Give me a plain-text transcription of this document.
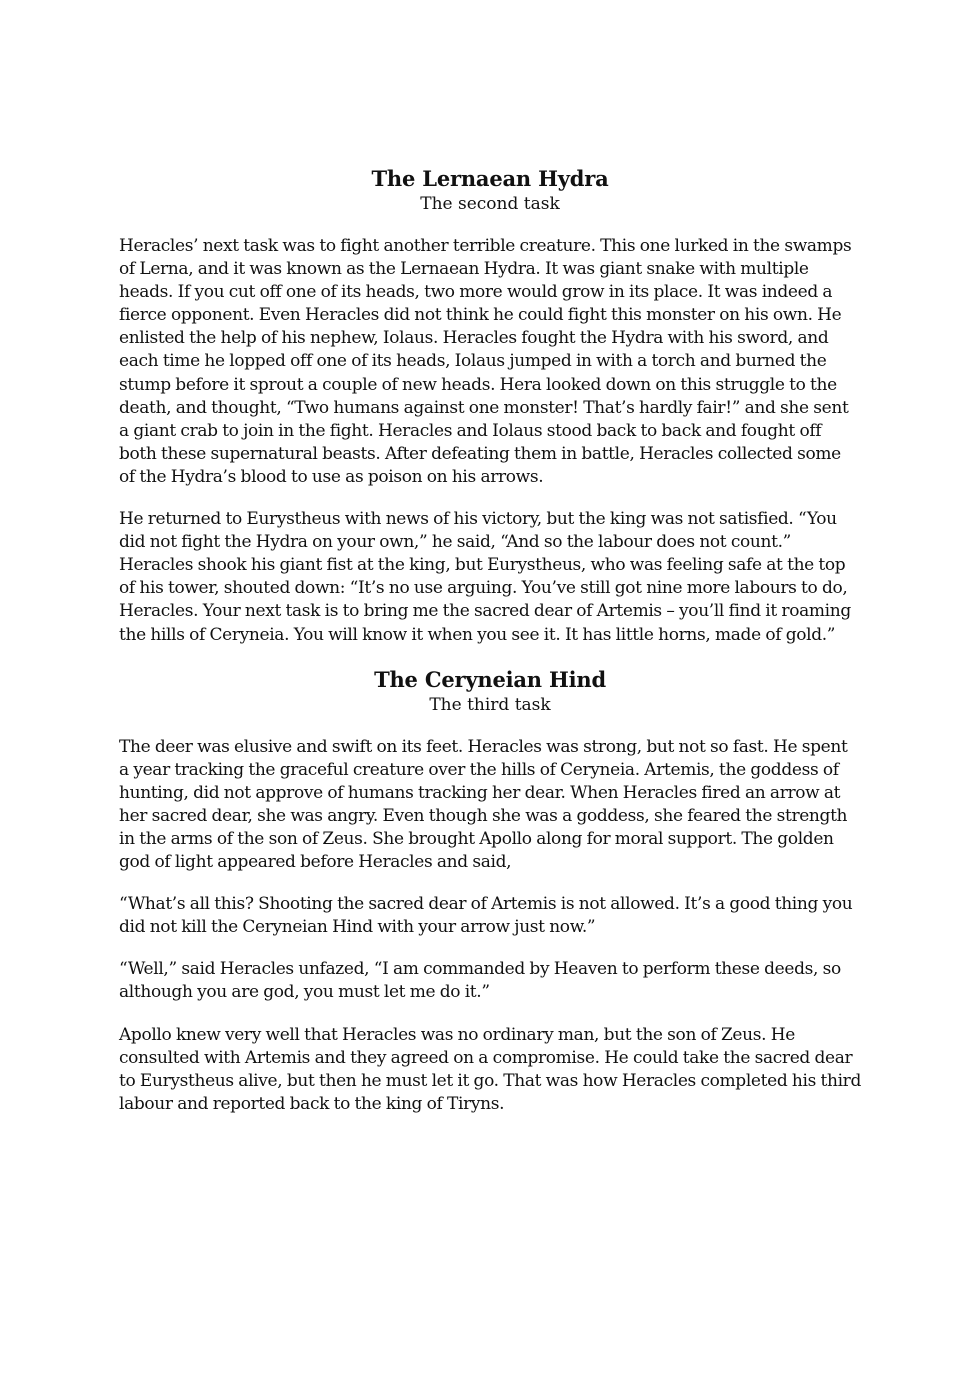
The Lernaean Hydra

The second task

Heracles’ next task was to fight another terrible creature. This one lurked in the swamps of Lerna, and it was known as the Lernaean Hydra. It was giant snake with multiple heads. If you cut off one of its heads, two more would grow in its place. It was indeed a fierce opponent. Even Heracles did not think he could fight this monster on his own. He enlisted the help of his nephew, Iolaus. Heracles fought the Hydra with his sword, and each time he lopped off one of its heads, Iolaus jumped in with a torch and burned the stump before it sprout a couple of new heads. Hera looked down on this struggle to the death, and thought, “Two humans against one monster! That’s hardly fair!” and she sent a giant crab to join in the fight. Heracles and Iolaus stood back to back and fought off both these supernatural beasts. After defeating them in battle, Heracles collected some of the Hydra’s blood to use as poison on his arrows.

He returned to Eurystheus with news of his victory, but the king was not satisfied. “You did not fight the Hydra on your own,” he said, “And so the labour does not count.” Heracles shook his giant fist at the king, but Eurystheus, who was feeling safe at the top of his tower, shouted down: “It’s no use arguing. You’ve still got nine more labours to do, Heracles. Your next task is to bring me the sacred dear of Artemis – you’ll find it roaming the hills of Ceryneia. You will know it when you see it. It has little horns, made of gold.”

The Ceryneian Hind

The third task

The deer was elusive and swift on its feet. Heracles was strong, but not so fast. He spent a year tracking the graceful creature over the hills of Ceryneia. Artemis, the goddess of hunting, did not approve of humans tracking her dear. When Heracles fired an arrow at her sacred dear, she was angry. Even though she was a goddess, she feared the strength in the arms of the son of Zeus. She brought Apollo along for moral support. The golden god of light appeared before Heracles and said,

“What’s all this? Shooting the sacred dear of Artemis is not allowed. It’s a good thing you did not kill the Ceryneian Hind with your arrow just now.”

“Well,” said Heracles unfazed, “I am commanded by Heaven to perform these deeds, so although you are god, you must let me do it.”

Apollo knew very well that Heracles was no ordinary man, but the son of Zeus. He consulted with Artemis and they agreed on a compromise. He could take the sacred dear to Eurystheus alive, but then he must let it go. That was how Heracles completed his third labour and reported back to the king of Tiryns.
